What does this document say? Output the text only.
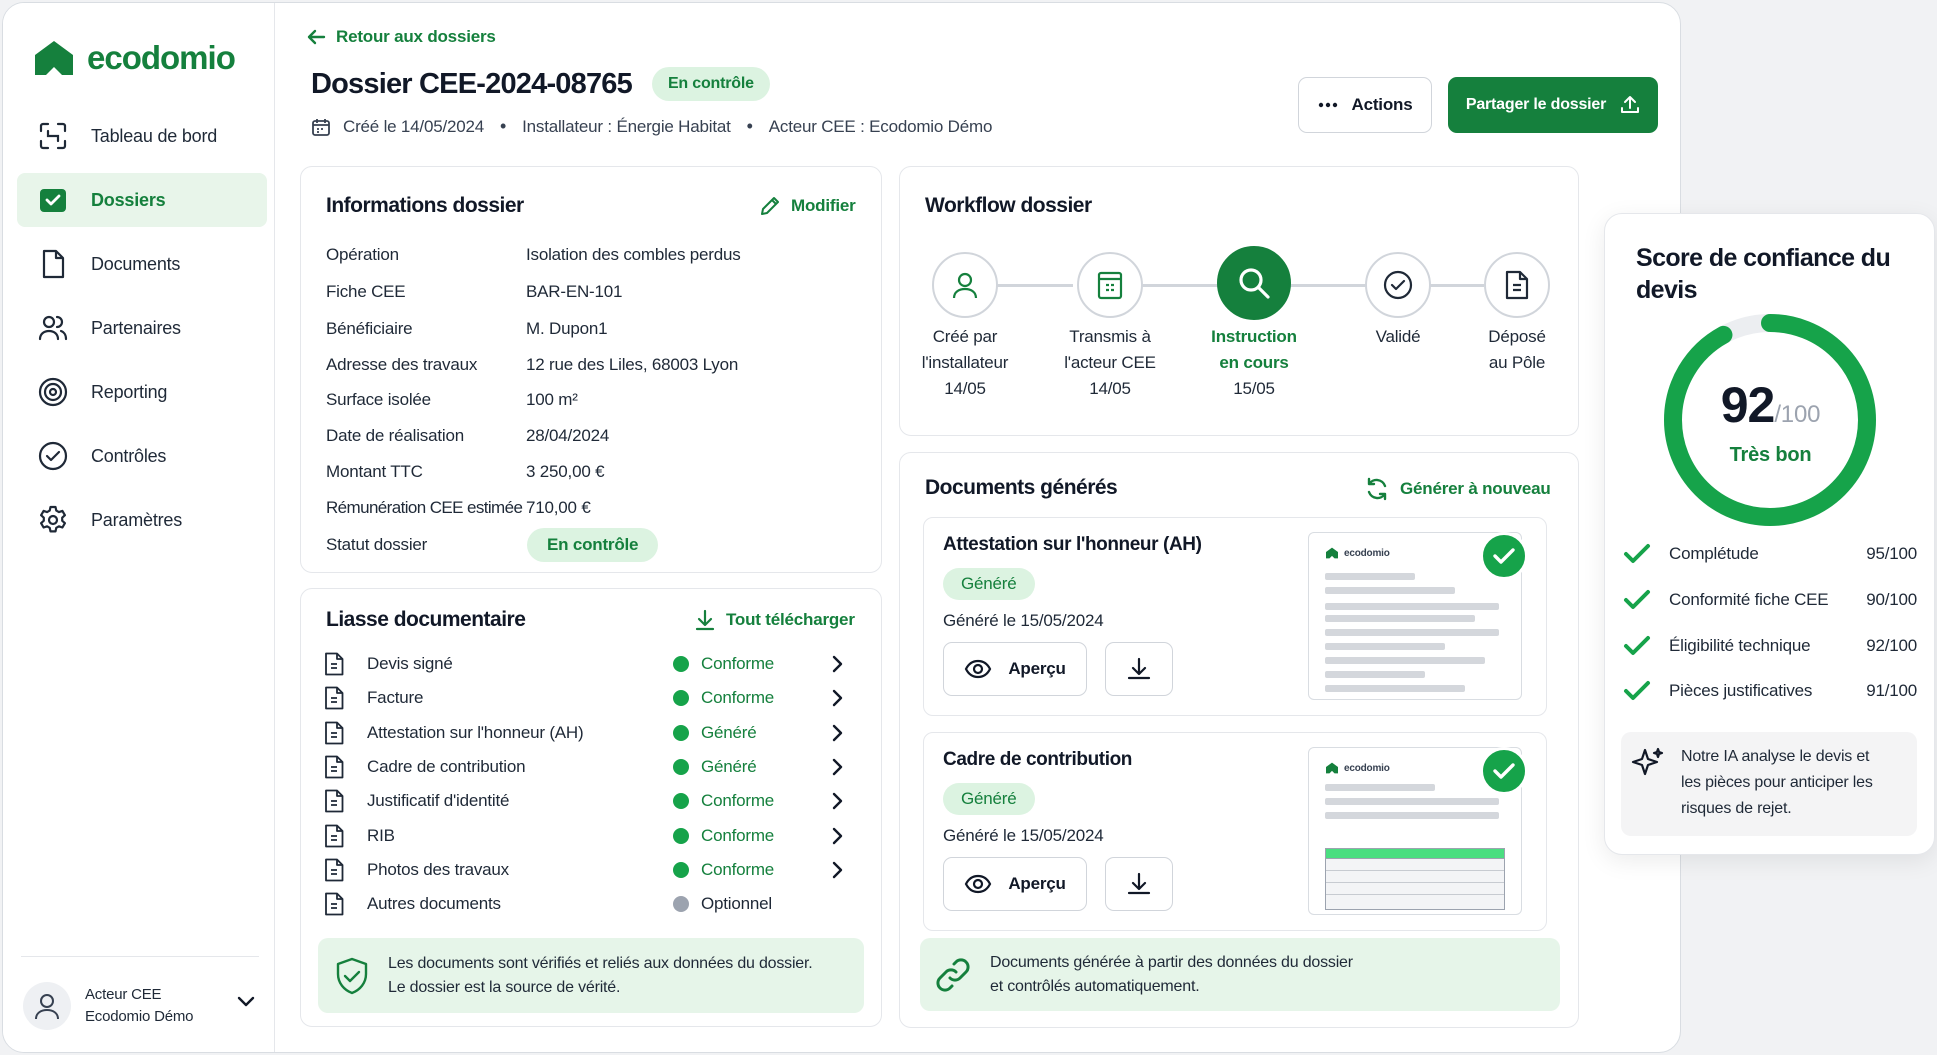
ecodomio
Tableau de bord
Dossiers
Documents
Partenaires
Reporting
Contrôles
Paramètres
Acteur CEE
Ecodomio Démo
Retour aux dossiers
Dossier CEE-2024-08765	En contrôle
Créé le 14/05/2024 • Installateur : Énergie Habitat • Acteur CEE : Ecodomio Démo
Actions	Partager le dossier
Informations dossier	Modifier
Opération	Isolation des combles perdus
Fiche CEE	BAR-EN-101
Bénéficiaire	M. Dupon1
Adresse des travaux	12 rue des Liles, 68003 Lyon
Surface isolée	100 m²
Date de réalisation	28/04/2024
Montant TTC	3 250,00 €
Rémunération CEE estimée 710,00 €
Statut dossier	En contrôle
Liasse documentaire	Tout télécharger
Devis signé	Conforme
Facture	Conforme
Attestation sur l'honneur (AH)	Généré
Cadre de contribution	Généré
Justificatif d'identité	Conforme
RIB	Conforme
Photos des travaux	Conforme
Autres documents	Optionnel
Les documents sont vérifiés et reliés aux données du dossier.
Le dossier est la source de vérité.
Workflow dossier
Créé par
l'installateur
14/05
Transmis à
l'acteur CEE
14/05
Instruction
en cours
15/05
Validé	Déposé
au Pôle
Documents générés	Générer à nouveau
Attestation sur l'honneur (AH)
Généré
Généré le 15/05/2024
Aperçu
ecodomio
Cadre de contribution
Généré
Généré le 15/05/2024
Aperçu
ecodomio
Documents générée à partir des données du dossier
et contrôlés automatiquement.
Score de confiance du devis
92/100
Très bon
Complétude	95/100
Conformité fiche CEE	90/100
Éligibilité technique	92/100
Pièces justificatives	91/100
Notre IA analyse le devis et
les pièces pour anticiper les
risques de rejet.
